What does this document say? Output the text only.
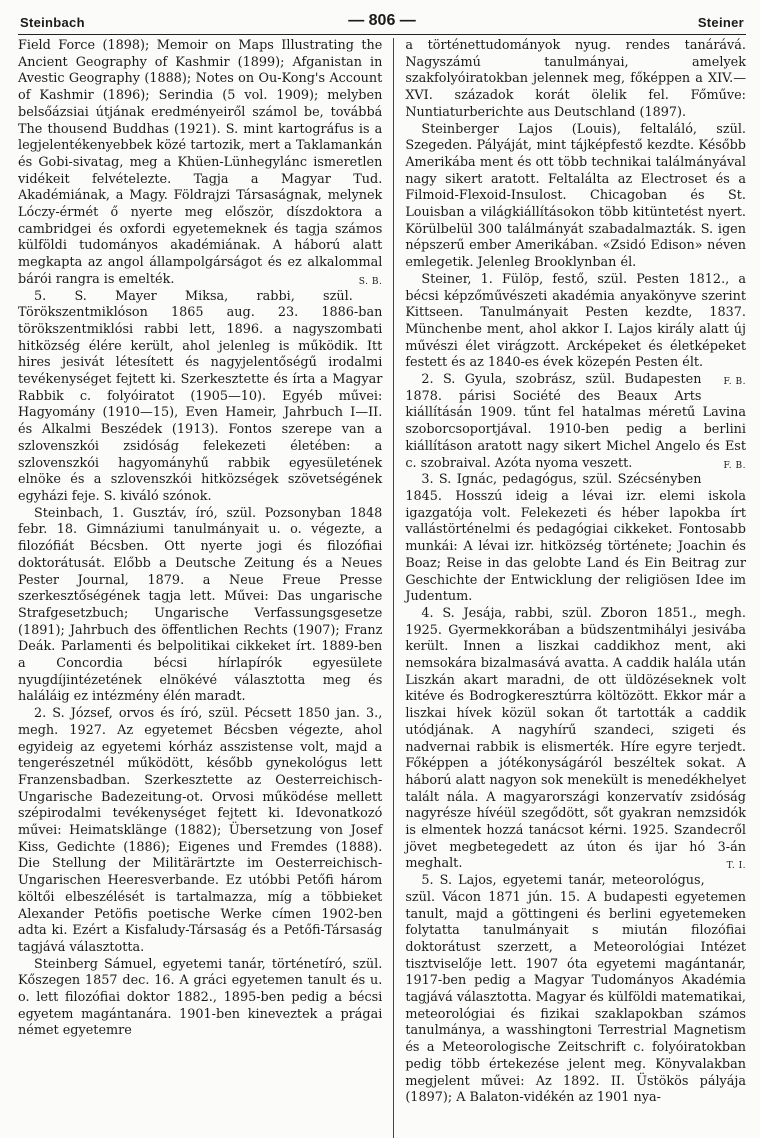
Steinbach	— 806 —	Steiner

Field Force (1898); Memoir on Maps Illustrating the Ancient Geography of Kashmir (1899); Afganistan in Avestic Geography (1888); Notes on Ou-Kong's Account of Kashmir (1896); Serindia (5 vol. 1909); melyben belsőázsiai útjának eredményeiről számol be, továbbá The thousend Buddhas (1921). S. mint kartográfus is a legjelentékenyebbek közé tartozik, mert a Taklamankán és Gobi-sivatag, meg a Khüen-Lünhegylánc ismeretlen vidékeit felvételezte. Tagja a Magyar Tud. Akadémiának, a Magy. Földrajzi Társaságnak, melynek Lóczy-érmét ő nyerte meg először, díszdoktora a cambridgei és oxfordi egyetemeknek és tagja számos külföldi tudományos akadémiának. A háború alatt megkapta az angol állampolgárságot és ez alkalommal bárói rangra is emelték.	S. B.

5. S. Mayer Miksa, rabbi, szül. Törökszentmiklóson 1865 aug. 23. 1886-ban törökszentmiklósi rabbi lett, 1896. a nagyszombati hitközség élére került, ahol jelenleg is működik. Itt hires jesivát létesített és nagyjelentőségű irodalmi tevékenységet fejtett ki. Szerkesztette és írta a Magyar Rabbik c. folyóiratot (1905—10). Egyéb művei: Hagyomány (1910—15), Even Hameir, Jahrbuch I—II. és Alkalmi Beszédek (1913). Fontos szerepe van a szlovenszkói zsidóság felekezeti életében: a szlovenszkói hagyományhű rabbik egyesületének elnöke és a szlovenszkói hitközségek szövetségének egyházi feje. S. kiváló szónok.

Steinbach, 1. Gusztáv, író, szül. Pozsonyban 1848 febr. 18. Gimnáziumi tanulmányait u. o. végezte, a filozófiát Bécsben. Ott nyerte jogi és filozófiai doktorátusát. Előbb a Deutsche Zeitung és a Neues Pester Journal, 1879. a Neue Freue Presse szerkesztőségének tagja lett. Művei: Das ungarische Strafgesetzbuch; Ungarische Verfassungsgesetze (1891); Jahrbuch des öffentlichen Rechts (1907); Franz Deák. Parlamenti és belpolitikai cikkeket írt. 1889-ben a Concordia bécsi hírlapírók egyesülete nyugdíjintézetének elnökévé választotta meg és haláláig ez intézmény élén maradt.

2. S. József, orvos és író, szül. Pécsett 1850 jan. 3., megh. 1927. Az egyetemet Bécsben végezte, ahol egyideig az egyetemi kórház asszistense volt, majd a tengerészetnél működött, később gynekológus lett Franzensbadban. Szerkesztette az Oesterreichisch-Ungarische Badezeitung-ot. Orvosi működése mellett szépirodalmi tevékenységet fejtett ki. Idevonatkozó művei: Heimatsklänge (1882); Übersetzung von Josef Kiss, Gedichte (1886); Eigenes und Fremdes (1888). Die Stellung der Militärärtzte im Oesterreichisch-Ungarischen Heeresverbande. Ez utóbbi Petőfi három költői elbeszélését is tartalmazza, míg a többieket Alexander Petöfis poetische Werke címen 1902-ben adta ki. Ezért a Kisfaludy-Társaság és a Petőfi-Társaság tagjává választotta.

Steinberg Sámuel, egyetemi tanár, történetíró, szül. Kőszegen 1857 dec. 16. A gráci egyetemen tanult és u. o. lett filozófiai doktor 1882., 1895-ben pedig a bécsi egyetem magántanára. 1901-ben kineveztek a prágai német egyetemre

a történettudományok nyug. rendes tanárává. Nagyszámú tanulmányai, amelyek szakfolyóiratokban jelennek meg, főképpen a XIV.—XVI. századok korát ölelik fel. Főműve: Nuntiaturberichte aus Deutschland (1897).

Steinberger Lajos (Louis), feltaláló, szül. Szegeden. Pályáját, mint tájképfestő kezdte. Később Amerikába ment és ott több technikai találmányával nagy sikert aratott. Feltalálta az Electroset és a Filmoid-Flexoid-Insulost. Chicagoban és St. Louisban a világkiállításokon több kitüntetést nyert. Körülbelül 300 találmányát szabadalmazták. S. igen népszerű ember Amerikában. «Zsidó Edison» néven emlegetik. Jelenleg Brooklynban él.

Steiner, 1. Fülöp, festő, szül. Pesten 1812., a bécsi képzőművészeti akadémia anyakönyve szerint Kittseen. Tanulmányait Pesten kezdte, 1837. Münchenbe ment, ahol akkor I. Lajos király alatt új művészi élet virágzott. Arcképeket és életképeket festett és az 1840-es évek közepén Pesten élt.
F. B.

2. S. Gyula, szobrász, szül. Budapesten 1878. párisi Société des Beaux Arts kiállításán 1909. tűnt fel hatalmas méretű Lavina szoborcsoportjával. 1910-ben pedig a berlini kiállításon aratott nagy sikert Michel Angelo és Est c. szobraival. Azóta nyoma veszett.	F. B.

3. S. Ignác, pedagógus, szül. Szécsényben 1845. Hosszú ideig a lévai izr. elemi iskola igazgatója volt. Felekezeti és héber lapokba írt vallástörténelmi és pedagógiai cikkeket. Fontosabb munkái: A lévai izr. hitközség története; Joachin és Boaz; Reise in das gelobte Land és Ein Beitrag zur Geschichte der Entwicklung der religiösen Idee im Judentum.

4. S. Jesája, rabbi, szül. Zboron 1851., megh. 1925. Gyermekkorában a büdszentmihályi jesivába került. Innen a liszkai caddikhoz ment, aki nemsokára bizalmasává avatta. A caddik halála után Liszkán akart maradni, de ott üldözéseknek volt kitéve és Bodrogkeresztúrra költözött. Ekkor már a liszkai hívek közül sokan őt tartották a caddik utódjának. A nagyhírű szandeci, szigeti és nadvernai rabbik is elismerték. Híre egyre terjedt. Főképpen a jótékonyságáról beszéltek sokat. A háború alatt nagyon sok menekült is menedékhelyet talált nála. A magyarországi konzervatív zsidóság nagyrésze hívéül szegődött, sőt gyakran nemzsidók is elmentek hozzá tanácsot kérni. 1925. Szandecről jövet megbetegedett az úton és ijar hó 3-án meghalt.	T. I.

5. S. Lajos, egyetemi tanár, meteorológus, szül. Vácon 1871 jún. 15. A budapesti egyetemen tanult, majd a göttingeni és berlini egyetemeken folytatta tanulmányait s miután filozófiai doktorátust szerzett, a Meteorológiai Intézet tisztviselője lett. 1907 óta egyetemi magántanár, 1917-ben pedig a Magyar Tudományos Akadémia tagjává választotta. Magyar és külföldi matematikai, meteorológiai és fizikai szaklapokban számos tanulmánya, a wasshingtoni Terrestrial Magnetism és a Meteorologische Zeitschrift c. folyóiratokban pedig több értekezése jelent meg. Könyvalakban megjelent művei: Az 1892. II. Üstökös pályája (1897); A Balaton-vidékén az 1901 nya-
